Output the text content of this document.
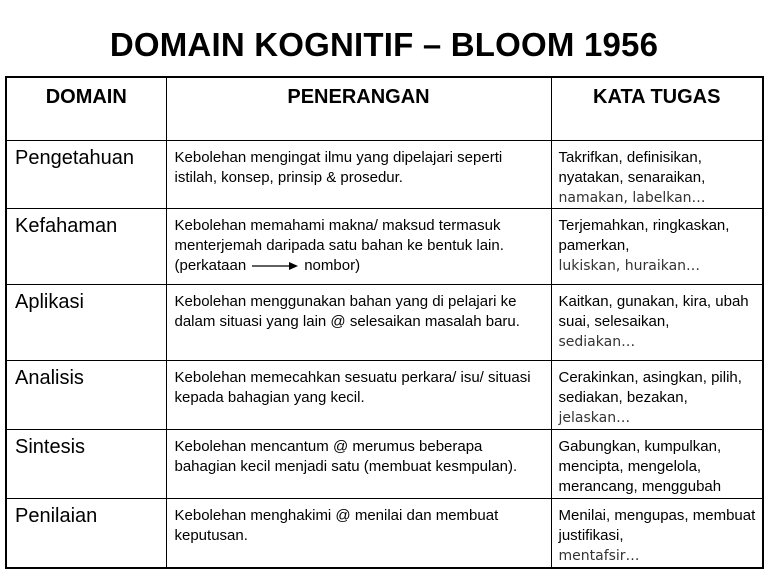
DOMAIN KOGNITIF – BLOOM 1956
DOMAIN	PENERANGAN	KATA TUGAS

Pengetahuan	Kebolehan mengingat ilmu yang dipelajari seperti istilah, konsep, prinsip & prosedur.	Takrifkan, definisikan, nyatakan, senaraikan,
namakan, labelkan…

Kefahaman	Kebolehan memahami makna/ maksud termasuk menterjemah daripada satu bahan ke bentuk lain. (perkataan nombor)	Terjemahkan, ringkaskan, pamerkan,
lukiskan, huraikan…

Aplikasi	Kebolehan menggunakan bahan yang di pelajari ke dalam situasi yang lain @ selesaikan masalah baru.	Kaitkan, gunakan, kira, ubah suai, selesaikan,
sediakan…

Analisis	Kebolehan memecahkan sesuatu perkara/ isu/ situasi kepada bahagian yang kecil.	Cerakinkan, asingkan, pilih, sediakan, bezakan,
jelaskan…

Sintesis	Kebolehan mencantum @ merumus beberapa bahagian kecil menjadi satu (membuat kesmpulan).	Gabungkan, kumpulkan, mencipta, mengelola, merancang, menggubah

Penilaian	Kebolehan menghakimi @ menilai dan membuat keputusan.	Menilai, mengupas, membuat justifikasi,
mentafsir…
